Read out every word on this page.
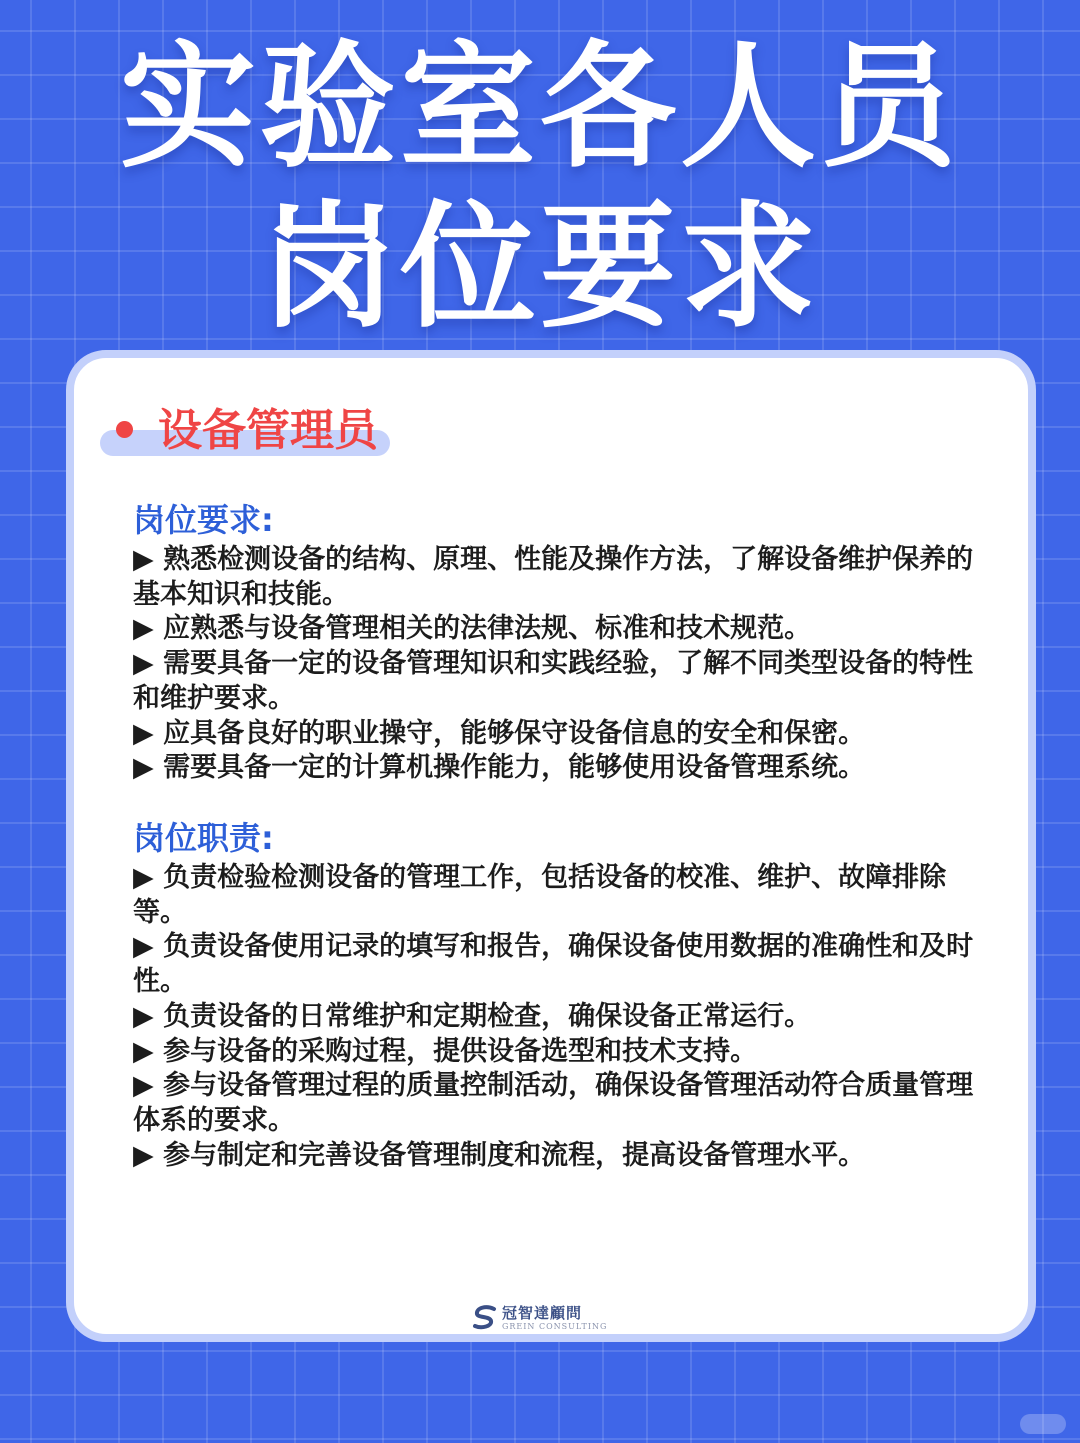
实验室各人员
岗位要求
设备管理员

岗位要求:

▶ 熟悉检测设备的结构、原理、性能及操作方法，了解设备维护保养的基本知识和技能。

▶ 应熟悉与设备管理相关的法律法规、标准和技术规范。

▶ 需要具备一定的设备管理知识和实践经验，了解不同类型设备的特性和维护要求。

▶ 应具备良好的职业操守，能够保守设备信息的安全和保密。

▶ 需要具备一定的计算机操作能力，能够使用设备管理系统。

岗位职责:

▶ 负责检验检测设备的管理工作，包括设备的校准、维护、故障排除等。

▶ 负责设备使用记录的填写和报告，确保设备使用数据的准确性和及时性。

▶ 负责设备的日常维护和定期检查，确保设备正常运行。

▶ 参与设备的采购过程，提供设备选型和技术支持。

▶ 参与设备管理过程的质量控制活动，确保设备管理活动符合质量管理体系的要求。

▶ 参与制定和完善设备管理制度和流程，提高设备管理水平。

冠智達顧問
GREIN CONSULTING
